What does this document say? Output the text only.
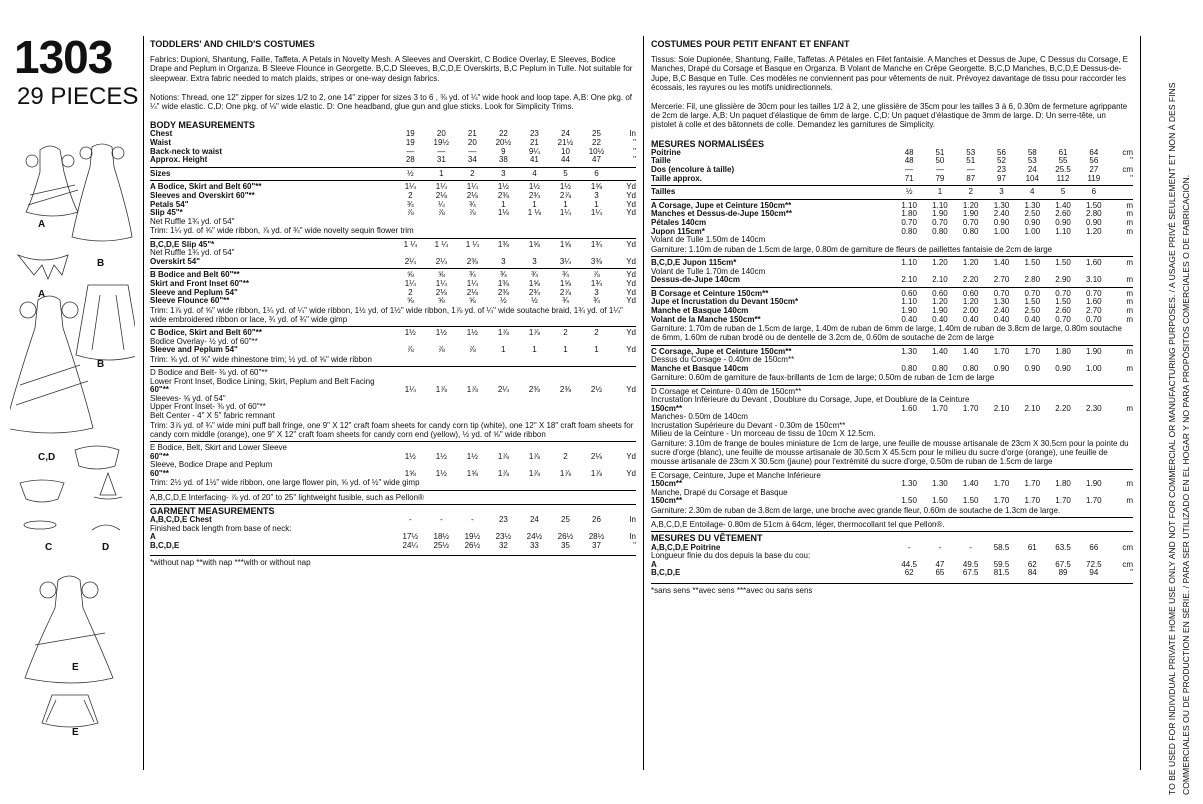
1303
29 PIECES
A
B
A
B
C,D
C	D
E
E
TODDLERS' AND CHILD'S COSTUMES
Fabrics: Dupioni, Shantung, Faille, Taffeta. A Petals in Novelty Mesh. A Sleeves and Overskirt, C Bodice Overlay, E Sleeves, Bodice Drape and Peplum in Organza. B Sleeve Flounce in Georgette. B,C,D Sleeves, B,C,D,E Overskirts, B,C Peplum in Tulle. Not suitable for sleepwear. Extra fabric needed to match plaids, stripes or one-way design fabrics.
Notions: Thread, one 12" zipper for sizes 1/2 to 2, one 14" zipper for sizes 3 to 6 , ⅜ yd. of ¼" wide hook and loop tape. A,B: One pkg. of ¼" wide elastic. C,D: One pkg. of ⅛" wide elastic. D: One headband, glue gun and glue sticks. Look for Simplicity Trims.
BODY MEASUREMENTS
Chest	19	20	21	22	23	24	25	In
Waist	19	19½	20	20½	21	21½	22	"
Back-neck to waist	—	—	—	9	9¼	10	10½	"
Approx. Height	28	31	34	38	41	44	47	"
Sizes	½	1	2	3	4	5	6	
A Bodice, Skirt and Belt 60"**	1¼	1¼	1¼	1½	1½	1½	1⅝	Yd
Sleeves and Overskirt 60"**	2	2⅛	2⅛	2⅜	2¾	2⅞	3	Yd
Petals 54"	¾	¼	¾	1	1	1	1	Yd
Slip 45"*	⅞	⅞	⅞	1⅛	1 ⅛	1¼	1¼	Yd
Net Ruffle 1¾ yd. of 54"								
Trim: 1¼ yd. of ⅝" wide ribbon, ⅞ yd. of ¾" wide novelty sequin flower trim
B,C,D,E Slip 45"*	1 ¼	1 ¼	1 ¼	1⅜	1⅝	1⅝	1¾	Yd
Net Ruffle 1¾ yd. of 54"								
Overskirt 54"	2¼	2¼	2⅜	3	3	3¼	3⅜	Yd
B Bodice and Belt 60"**	⅝	⅝	¾	¾	¾	¾	⅞	Yd
Skirt and Front Inset 60"**	1¼	1¼	1¼	1⅜	1⅝	1⅝	1¾	Yd
Sleeve and Peplum 54"	2	2⅛	2⅛	2⅜	2¾	2⅞	3	Yd
Sleeve Flounce 60"**	⅝	⅝	⅝	½	½	¾	¾	Yd
Trim: 1⅞ yd. of ⅝" wide ribbon, 1¼ yd. of ¼" wide ribbon, 1½ yd. of 1½" wide ribbon, 1⅞ yd. of ¼" wide soutache braid, 1¾ yd. of 1¼" wide embroidered ribbon or lace, ¾ yd. of ¾" wide gimp
C Bodice, Skirt and Belt 60"**	1½	1½	1½	1⅞	1⅞	2	2	Yd
Bodice Overlay- ½ yd. of 60"**								
Sleeve and Peplum 54"	⅞	⅞	⅞	1	1	1	1	Yd
Trim: ⅝ yd. of ⅝" wide rhinestone trim; ½ yd. of ⅝" wide ribbon
D Bodice and Belt- ⅜ yd. of 60"**
Lower Front Inset, Bodice Lining, Skirt, Peplum and Belt Facing
60"**	1¼	1⅞	1⅞	2¼	2⅜	2⅜	2½	Yd
Sleeves- ⅝ yd. of 54"
Upper Front Inset- ⅜ yd. of 60"**
Belt Center - 4" X 5" fabric remnant
Trim: 3⅞ yd. of ¾" wide mini puff ball fringe, one 9" X 12" craft foam sheets for candy corn tip (white), one 12" X 18" craft foam sheets for candy corn middle (orange), one 9" X 12" craft foam sheets for candy corn end (yellow), ½ yd. of ⅝" wide ribbon
E Bodice, Belt, Skirt and Lower Sleeve								
60"**	1½	1½	1½	1⅞	1⅞	2	2⅛	Yd
Sleeve, Bodice Drape and Peplum								
60"**	1⅝	1½	1⅝	1⅞	1⅞	1⅞	1⅞	Yd
Trim: 2½ yd. of 1½" wide ribbon, one large flower pin, ⅝ yd. of ½" wide gimp
A,B,C,D,E Interfacing- ⅞ yd. of 20" to 25" lightweight fusible, such as Pellon®
GARMENT MEASUREMENTS
A,B,C,D,E Chest	-	-	-	23	24	25	26	In
Finished back length from base of neck:								
A	17½	18½	19½	23½	24½	26½	28½	In
B,C,D,E	24¼	25½	26½	32	33	35	37	"
*without nap **with nap ***with or without nap
COSTUMES POUR PETIT ENFANT ET ENFANT
Tissus: Soie Dupionée, Shantung, Faille, Taffetas. A Pétales en Filet fantaisie. A Manches et Dessus de Jupe, C Dessus du Corsage, E Manches, Drapé du Corsage et Basque en Organza. B Volant de Manche en Crêpe Georgette. B,C,D Manches, B,C,D,E Dessus-de-Jupe, B,C Basque en Tulle. Ces modèles ne conviennent pas pour vêtements de nuit. Prévoyez davantage de tissu pour raccorder les écossais, les rayures ou les motifs unidirectionnels.
Mercerie: Fil, une glissière de 30cm pour les tailles 1/2 à 2, une glissière de 35cm pour les tailles 3 à 6, 0.30m de fermeture agrippante de 2cm de large. A,B: Un paquet d'élastique de 6mm de large. C,D: Un paquet d'élastique de 3mm de large. D: Un serre-tête, un pistolet à colle et des bâtonnets de colle. Demandez les garnitures de Simplicity.
MESURES NORMALISÉES
Poitrine	48	51	53	56	58	61	64	cm
Taille	48	50	51	52	53	55	56	"
Dos (encolure à taille)	—	—	—	23	24	25.5	27	cm
Taille approx.	71	79	87	97	104	112	119	"
Tailles	½	1	2	3	4	5	6	
A Corsage, Jupe et Ceinture 150cm**	1.10	1.10	1.20	1.30	1.30	1.40	1.50	m
Manches et Dessus-de-Jupe 150cm**	1.80	1.90	1.90	2.40	2.50	2.60	2.80	m
Pétales 140cm	0.70	0.70	0.70	0.90	0.90	0.90	0.90	m
Jupon 115cm*	0.80	0.80	0.80	1.00	1.00	1.10	1.20	m
Volant de Tulle 1.50m de 140cm								
Garniture: 1.10m de ruban de 1.5cm de large, 0.80m de garniture de fleurs de paillettes fantaisie de 2cm de large
B,C,D,E Jupon 115cm*	1.10	1.20	1.20	1.40	1.50	1.50	1.60	m
Volant de Tulle 1.70m de 140cm								
Dessus-de-Jupe 140cm	2.10	2.10	2.20	2.70	2.80	2.90	3.10	m
B Corsage et Ceinture 150cm**	0.60	0.60	0.60	0.70	0.70	0.70	0.70	m
Jupe et Incrustation du Devant 150cm*	1.10	1.20	1.20	1.30	1.50	1.50	1.60	m
Manche et Basque 140cm	1.90	1.90	2.00	2.40	2.50	2.60	2.70	m
Volant de la Manche 150cm**	0.40	0.40	0.40	0.40	0.40	0.70	0.70	m
Garniture: 1.70m de ruban de 1.5cm de large, 1.40m de ruban de 6mm de large, 1.40m de ruban de 3.8cm de large, 0.80m soutache de 6mm, 1.60m de ruban brodé ou de dentelle de 3.2cm de, 0.60m de soutache de 2cm de large
C Corsage, Jupe et Ceinture 150cm**	1.30	1.40	1.40	1.70	1.70	1.80	1.90	m
Dessus du Corsage - 0.40m de 150cm**								
Manche et Basque 140cm	0.80	0.80	0.80	0.90	0.90	0.90	1.00	m
Garniture: 0.60m de garniture de faux-brillants de 1cm de large; 0.50m de ruban de 1cm de large
D Corsage et Ceinture- 0.40m de 150cm**
Incrustation Inférieure du Devant , Doublure du Corsage, Jupe, et Doublure de la Ceinture
150cm**	1.60	1.70	1.70	2.10	2.10	2.20	2.30	m
Manches- 0.50m de 140cm
Incrustation Supérieure du Devant - 0.30m de 150cm**
Milieu de la Ceinture - Un morceau de tissu de 10cm X 12.5cm.
Garniture: 3.10m de frange de boules miniature de 1cm de large, une feuille de mousse artisanale de 23cm X 30.5cm pour la pointe du sucre d'orge (blanc), une feuille de mousse artisanale de 30.5cm X 45.5cm pour le milieu du sucre d'orge (orange), une feuille de mousse artisanale de 23cm X 30.5cm (jaune) pour l'extrémité du sucre d'orge, 0.50m de ruban de 1.5cm de large
E Corsage, Ceinture, Jupe et Manche Inférieure								
150cm**	1.30	1.30	1.40	1.70	1.70	1.80	1.90	m
Manche, Drapé du Corsage et Basque								
150cm**	1.50	1.50	1.50	1.70	1.70	1.70	1.70	m
Garniture: 2.30m de ruban de 3.8cm de large, une broche avec grande fleur, 0.60m de soutache de 1.3cm de large.
A,B,C,D,E Entoilage- 0.80m de 51cm à 64cm, léger, thermocollant tel que Pellon®.
MESURES DU VÊTEMENT
A,B,C,D,E Poitrine	-	-	-	58.5	61	63.5	66	cm
Longueur finie du dos depuis la base du cou:								
A	44.5	47	49.5	59.5	62	67.5	72.5	cm
B,C,D,E	62	65	67.5	81.5	84	89	94	"
*sans sens **avec sens ***avec ou sans sens	TO BE USED FOR INDIVIDUAL PRIVATE HOME USE ONLY AND NOT FOR COMMERCIAL OR MANUFACTURING PURPOSES. / A USAGE PRIVÉ SEULEMENT ET NON À DES FINS COMMERCIALES OU DE PRODUCTION EN SÉRIE. / PARA SER UTILIZADO EN EL HOGAR Y NO PARA PROPÓSITOS COMERCIALES O DE FABRICACIÓN.
